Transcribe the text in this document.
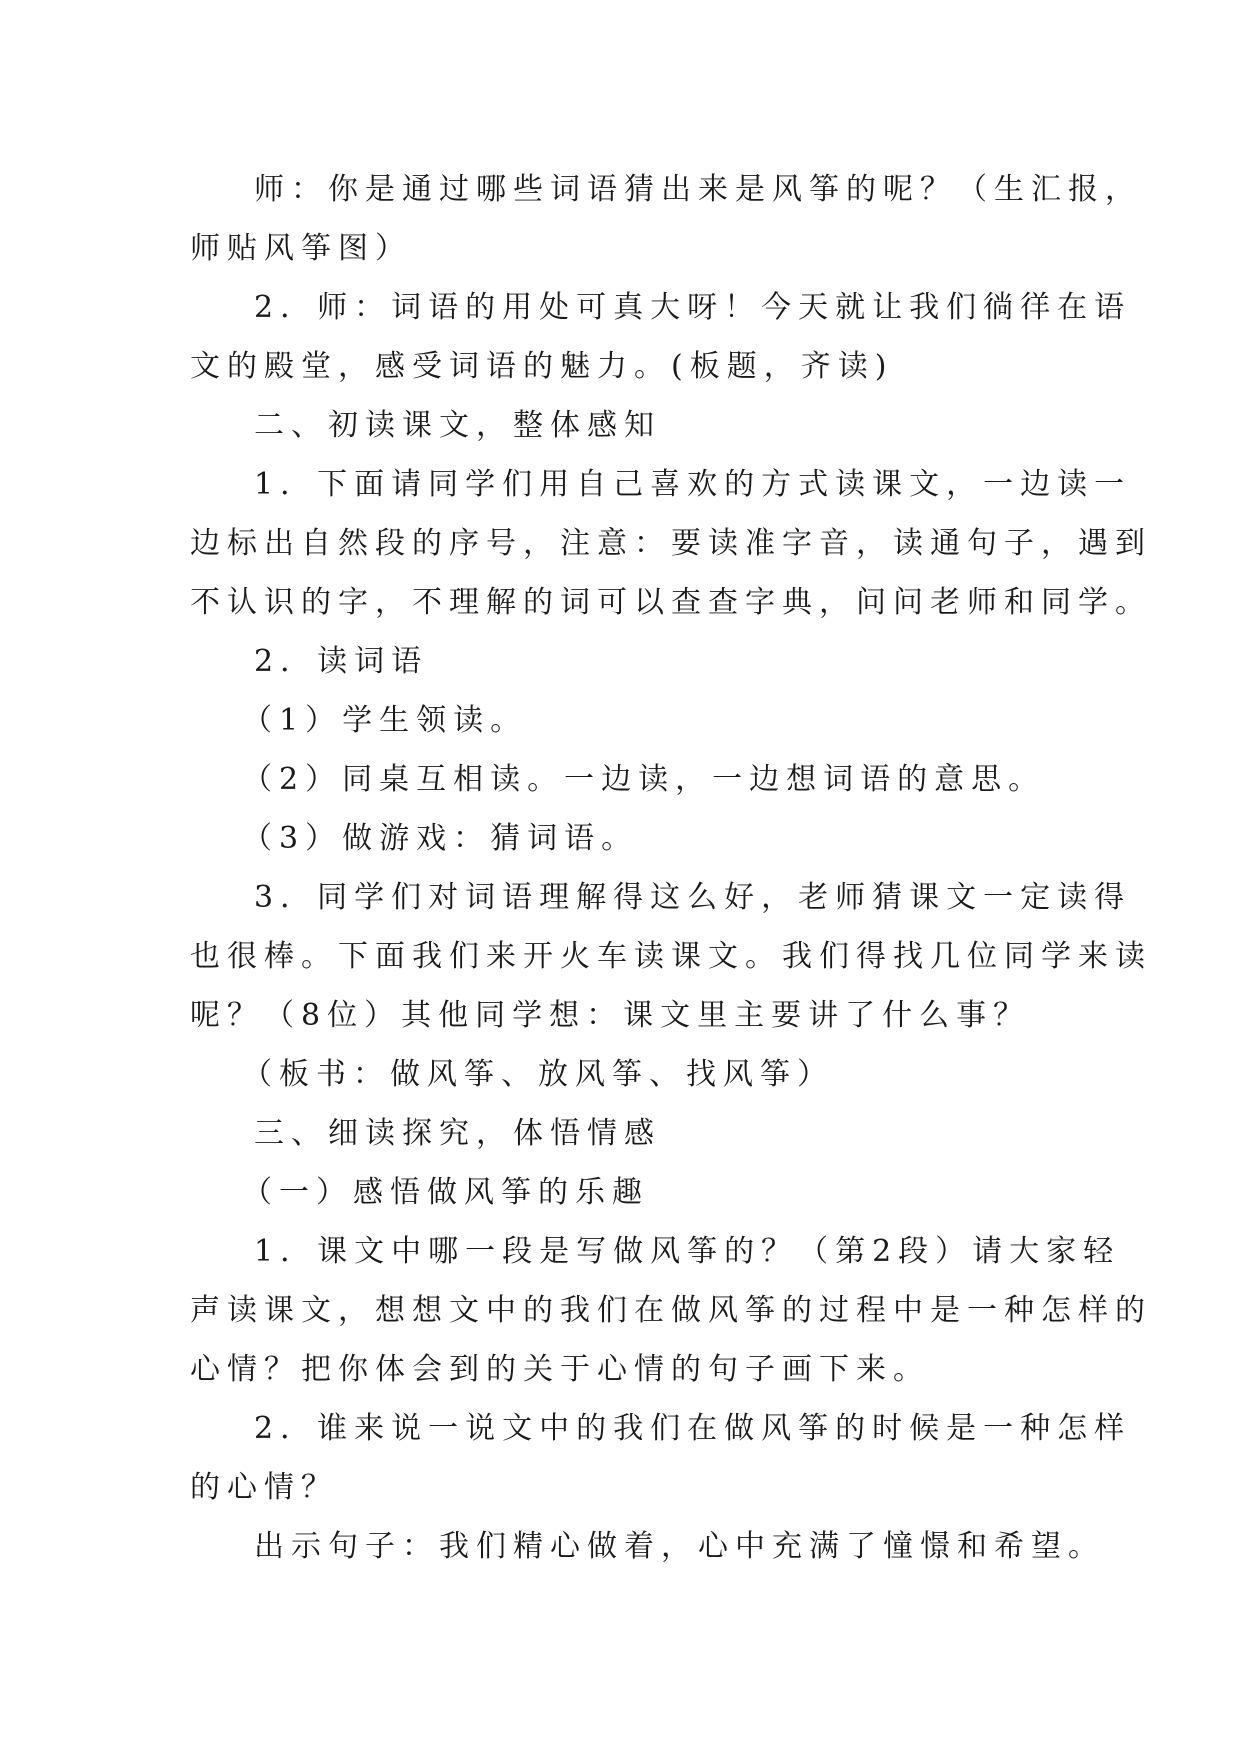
师：你是通过哪些词语猜出来是风筝的呢？（生汇报，
师贴风筝图）
2．师：词语的用处可真大呀！今天就让我们徜徉在语
文的殿堂，感受词语的魅力。(板题，齐读)
二、初读课文，整体感知
1．下面请同学们用自己喜欢的方式读课文，一边读一
边标出自然段的序号，注意：要读准字音，读通句子，遇到
不认识的字，不理解的词可以查查字典，问问老师和同学。
2．读词语
（1）学生领读。
（2）同桌互相读。一边读，一边想词语的意思。
（3）做游戏：猜词语。
3．同学们对词语理解得这么好，老师猜课文一定读得
也很棒。下面我们来开火车读课文。我们得找几位同学来读
呢？（8位）其他同学想：课文里主要讲了什么事？
（板书：做风筝、放风筝、找风筝）
三、细读探究，体悟情感
（一）感悟做风筝的乐趣
1．课文中哪一段是写做风筝的？（第2段）请大家轻
声读课文，想想文中的我们在做风筝的过程中是一种怎样的
心情？把你体会到的关于心情的句子画下来。
2．谁来说一说文中的我们在做风筝的时候是一种怎样
的心情？
出示句子：我们精心做着，心中充满了憧憬和希望。
